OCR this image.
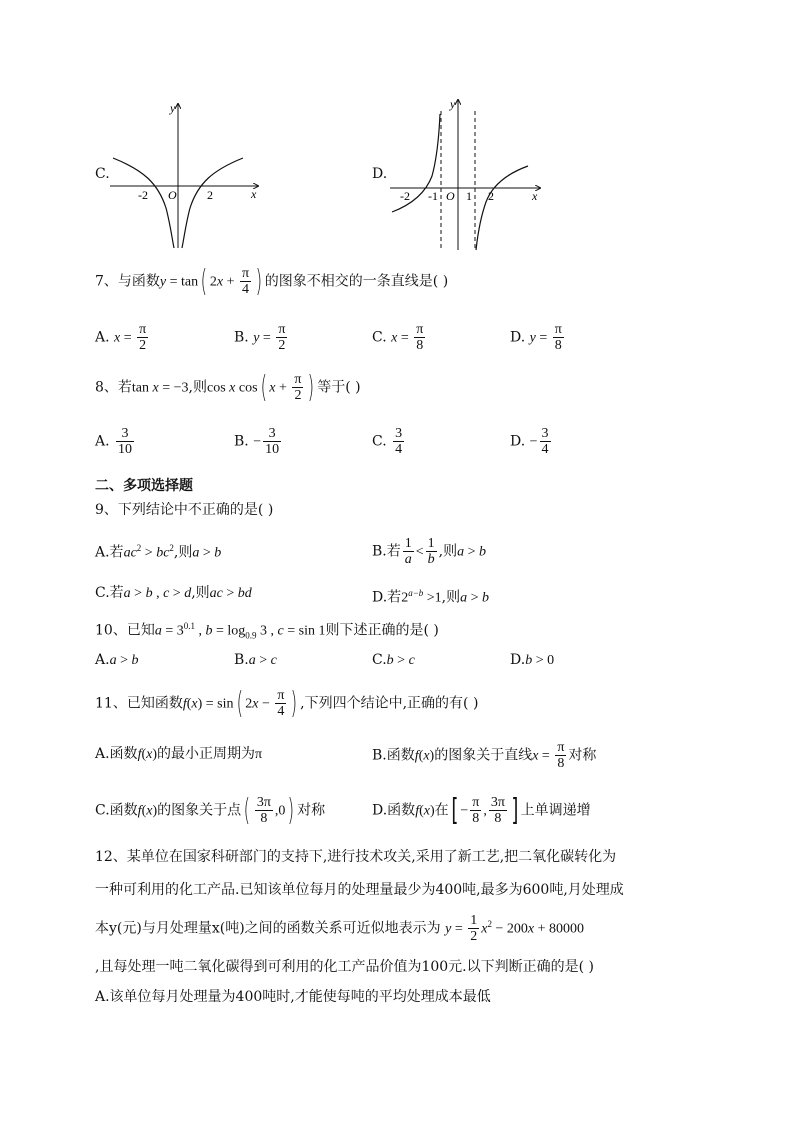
C.
y
x
O
-2	2
D.
y
x
O
-2 -1 1 2
7、与函数y = tan( $2x + \frac{\pi}{4}$ ) 的图象不相交的一条直线是( )
A. $x = \frac{\pi}{2}$	B. $y = \frac{\pi}{2}$	C. $x = \frac{\pi}{8}$	D. $y = \frac{\pi}{8}$
8、若tan x = −3,则cos x cos( $x + \frac{\pi}{2}$ ) 等于( )
A. $\frac{3}{10}$	B. − $\frac{3}{10}$	C. $\frac{3}{4}$	D. − $\frac{3}{4}$
二、多项选择题
9、下列结论中不正确的是( )
A.若$ac^2 > bc^2$,则a > b	B.若 $\frac{1}{a} < \frac{1}{b}$ ,则a > b
C.若a > b , c > d,则ac > bd	D.若$2^{a-b} >1$,则a > b
10、已知$a = 3^{0.1}$ , $b = \log_{0.9} 3$ , c = sin 1则下述正确的是( )
A.a > b	B.a > c	C.b > c	D.b > 0
11、已知函数f(x) = sin( $2x - \frac{\pi}{4}$ ) ,下列四个结论中,正确的有( )
A.函数f(x)的最小正周期为π	B.函数f(x)的图象关于直线$x = \frac{\pi}{8}$ 对称
C.函数f(x)的图象关于点( $\frac{3\pi}{8} ,0$) 对称	D.函数f(x)在[ − $\frac{\pi}{8}$ , $\frac{3\pi}{8}$ ] 上单调递增
12、某单位在国家科研部门的支持下,进行技术攻关,采用了新工艺,把二氧化碳转化为
一种可利用的化工产品.已知该单位每月的处理量最少为400吨,最多为600吨,月处理成
本y(元)与月处理量x(吨)之间的函数关系可近似地表示为 $y = \frac{1}{2} x^2 - 200x + 80000$
,且每处理一吨二氧化碳得到可利用的化工产品价值为100元.以下判断正确的是( )
A.该单位每月处理量为400吨时,才能使每吨的平均处理成本最低
